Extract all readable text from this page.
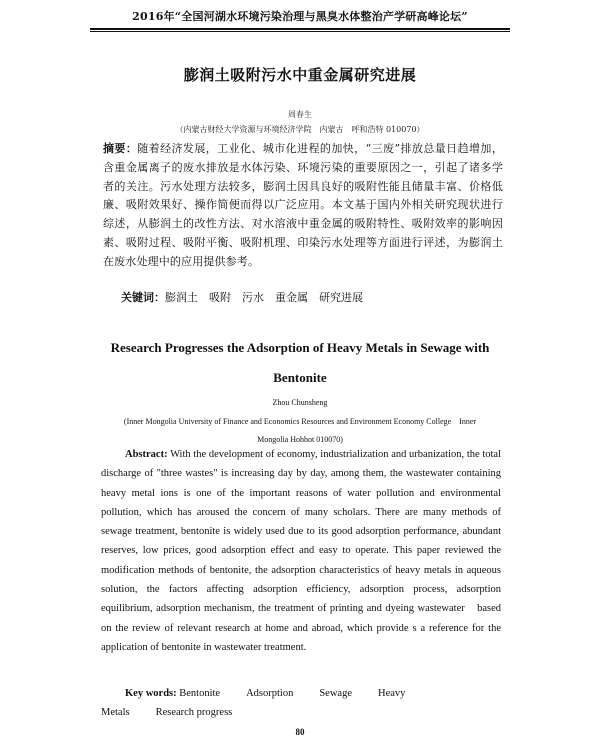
2016年“全国河湖水环境污染治理与黑臭水体整治产学研高峰论坛”
膨润土吸附污水中重金属研究进展
周春生
（内蒙古财经大学资源与环境经济学院　内蒙古　呼和浩特 010070）
摘要：随着经济发展，工业化、城市化进程的加快，“三废”排放总量日趋增加，含重金属离子的废水排放是水体污染、环境污染的重要原因之一，引起了诸多学者的关注。污水处理方法较多，膨润土因具良好的吸附性能且储量丰富、价格低廉、吸附效果好、操作简便而得以广泛应用。本文基于国内外相关研究现状进行综述，从膨润土的改性方法、对水溶液中重金属的吸附特性、吸附效率的影响因素、吸附过程、吸附平衡、吸附机理、印染污水处理等方面进行评述，为膨润土在废水处理中的应用提供参考。
关键词：膨润土　吸附　污水　重金属　研究进展
Research Progresses the Adsorption of Heavy Metals in Sewage with Bentonite
Zhou Chunsheng
(Inner Mongolia University of Finance and Economics Resources and Environment Economy College　Inner Mongolia Hohhot 010070)
Abstract: With the development of economy, industrialization and urbanization, the total discharge of "three wastes" is increasing day by day, among them, the wastewater containing heavy metal ions is one of the important reasons of water pollution and environmental pollution, which has aroused the concern of many scholars. There are many methods of sewage treatment, bentonite is widely used due to its good adsorption performance, abundant reserves, low prices, good adsorption effect and easy to operate. This paper reviewed the modification methods of bentonite, the adsorption characteristics of heavy metals in aqueous solution, the factors affecting adsorption efficiency, adsorption process, adsorption equilibrium, adsorption mechanism, the treatment of printing and dyeing wastewater　based on the review of relevant research at home and abroad, which provide s a reference for the application of bentonite in wastewater treatment.
Key words: Bentonite Adsorption Sewage Heavy Metals Research progress
80
